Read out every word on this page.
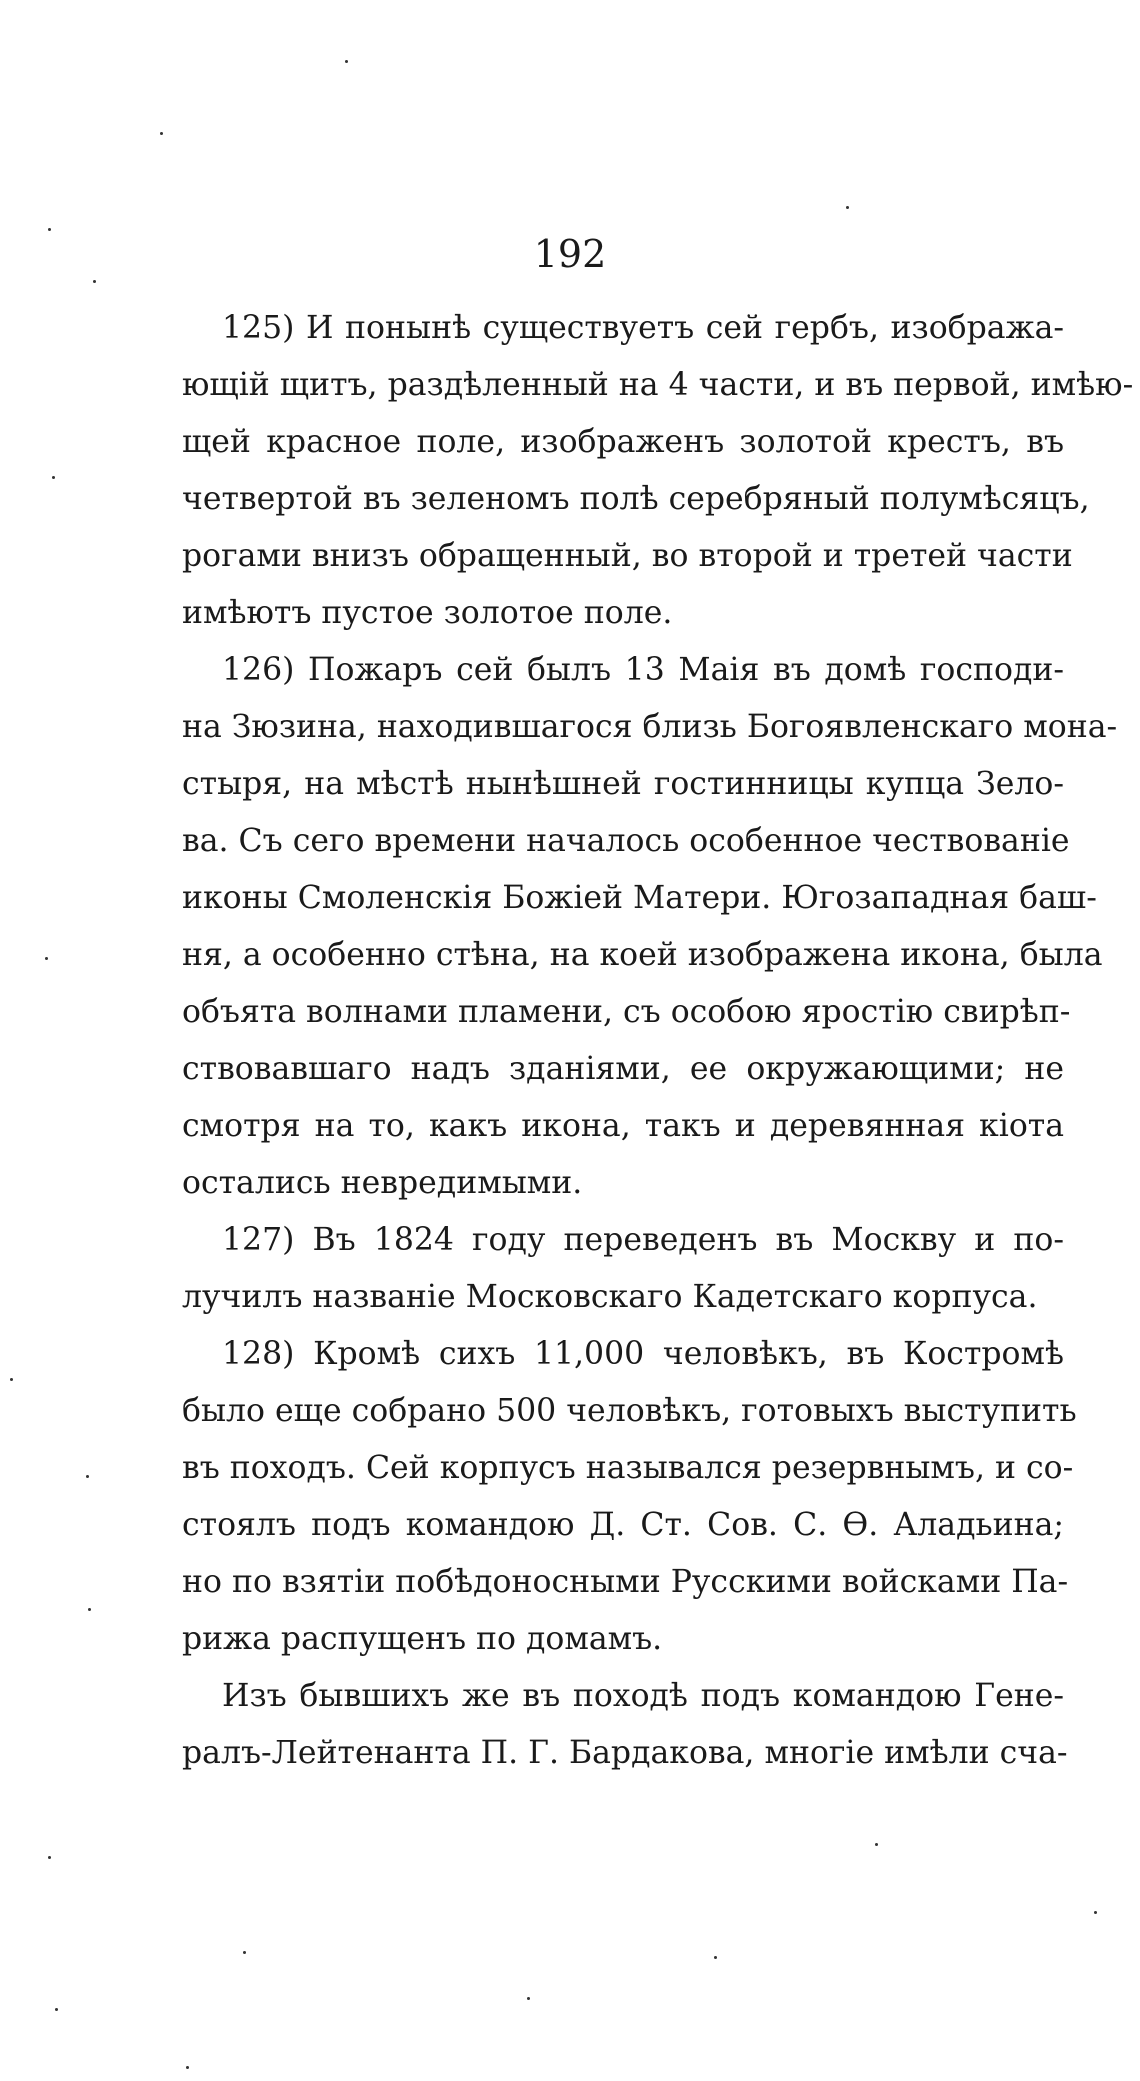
192
125) И понынѣ существуетъ сей гербъ, изобража-
ющій щитъ, раздѣленный на 4 части, и въ первой, имѣю-
щей красное поле, изображенъ золотой крестъ, въ
четвертой въ зеленомъ полѣ серебряный полумѣсяцъ,
рогами внизъ обращенный, во второй и третей части
имѣютъ пустое золотое поле.
126) Пожаръ сей былъ 13 Маія въ домѣ господи-
на Зюзина, находившагося близь Богоявленскаго мона-
стыря, на мѣстѣ нынѣшней гостинницы купца Зело-
ва. Съ сего времени началось особенное чествованіе
иконы Смоленскія Божіей Матери. Югозападная баш-
ня, а особенно стѣна, на коей изображена икона, была
объята волнами пламени, съ особою яростію свирѣп-
ствовавшаго надъ зданіями, ее окружающими; не
смотря на то, какъ икона, такъ и деревянная кіота
остались невредимыми.
127) Въ 1824 году переведенъ въ Москву и по-
лучилъ названіе Московскаго Кадетскаго корпуса.
128) Кромѣ сихъ 11,000 человѣкъ, въ Костромѣ
было еще собрано 500 человѣкъ, готовыхъ выступить
въ походъ. Сей корпусъ назывался резервнымъ, и со-
стоялъ подъ командою Д. Ст. Сов. С. Ѳ. Аладьина;
но по взятіи побѣдоносными Русскими войсками Па-
рижа распущенъ по домамъ.
Изъ бывшихъ же въ походѣ подъ командою Гене-
ралъ-Лейтенанта П. Г. Бардакова, многіе имѣли сча-
